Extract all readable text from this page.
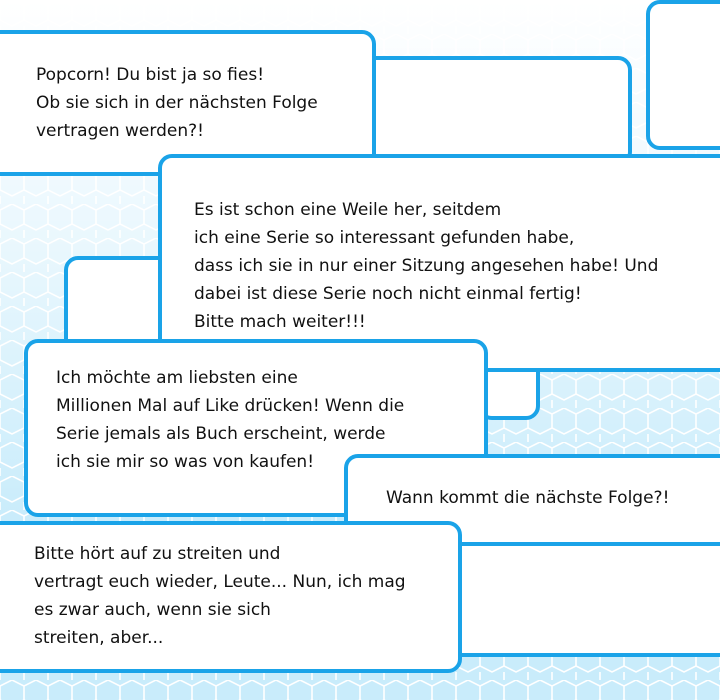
Popcorn! Du bist ja so fies!
Ob sie sich in der nächsten Folge
vertragen werden?!
Es ist schon eine Weile her, seitdem
ich eine Serie so interessant gefunden habe,
dass ich sie in nur einer Sitzung angesehen habe! Und
dabei ist diese Serie noch nicht einmal fertig!
Bitte mach weiter!!!
Ich möchte am liebsten eine
Millionen Mal auf Like drücken! Wenn die
Serie jemals als Buch erscheint, werde
ich sie mir so was von kaufen!
Wann kommt die nächste Folge?!
Bitte hört auf zu streiten und
vertragt euch wieder, Leute... Nun, ich mag
es zwar auch, wenn sie sich
streiten, aber...
